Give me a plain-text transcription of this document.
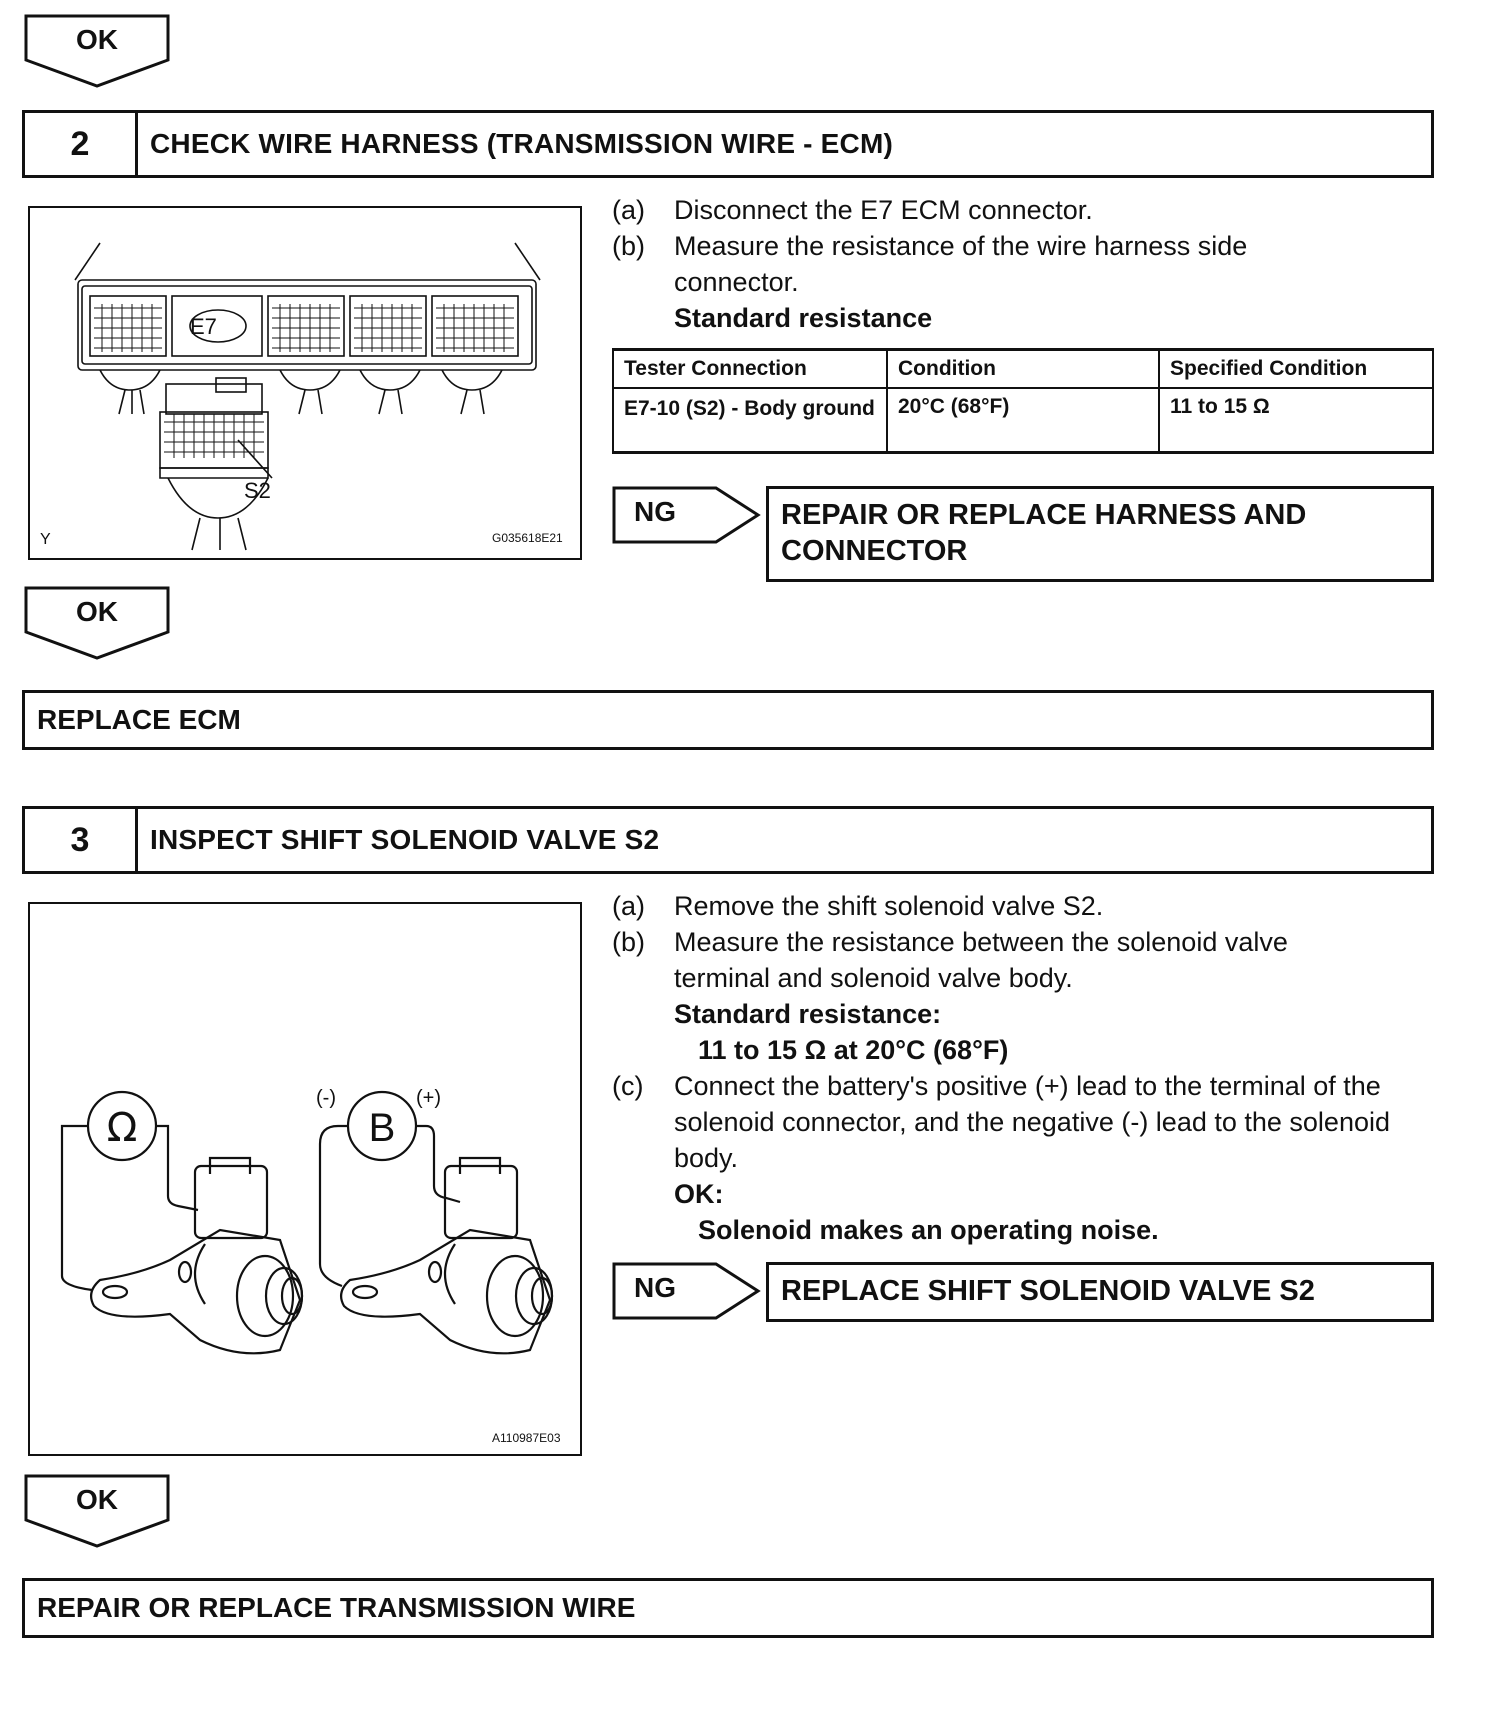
OK
2	CHECK WIRE HARNESS (TRANSMISSION WIRE - ECM)
E7
S2
Y	G035618E21
(a)	Disconnect the E7 ECM connector.
(b)	Measure the resistance of the wire harness side connector.
Standard resistance
Tester Connection	Condition	Specified Condition
E7-10 (S2) - Body ground	20°C (68°F)	11 to 15 Ω
NG	REPAIR OR REPLACE HARNESS AND CONNECTOR
OK
REPLACE ECM
3	INSPECT SHIFT SOLENOID VALVE S2
Ω	B
(-)	(+)
A110987E03
(a)	Remove the shift solenoid valve S2.
(b)	Measure the resistance between the solenoid valve terminal and solenoid valve body.
Standard resistance:
11 to 15 Ω at 20°C (68°F)
(c)	Connect the battery's positive (+) lead to the terminal of the solenoid connector, and the negative (-) lead to the solenoid body.
OK:
Solenoid makes an operating noise.
NG	REPLACE SHIFT SOLENOID VALVE S2
OK
REPAIR OR REPLACE TRANSMISSION WIRE
